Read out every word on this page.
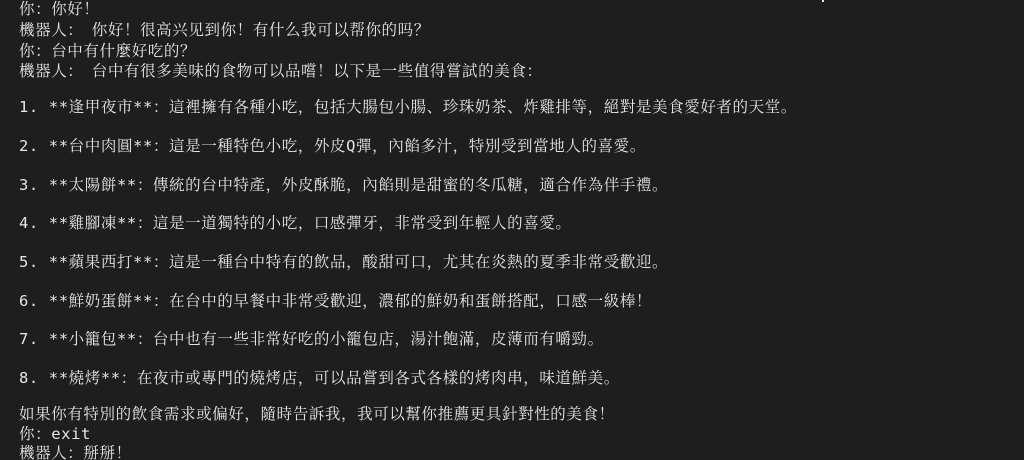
你：你好！
機器人：　你好！很高兴见到你！有什么我可以帮你的吗？
你：台中有什麼好吃的？
機器人：　台中有很多美味的食物可以品嚐！以下是一些值得嘗試的美食：
1. **逢甲夜市**：這裡擁有各種小吃，包括大腸包小腸、珍珠奶茶、炸雞排等，絕對是美食愛好者的天堂。
2. **台中肉圓**：這是一種特色小吃，外皮Q彈，內餡多汁，特別受到當地人的喜愛。
3. **太陽餅**：傳統的台中特產，外皮酥脆，內餡則是甜蜜的冬瓜糖，適合作為伴手禮。
4. **雞腳凍**：這是一道獨特的小吃，口感彈牙，非常受到年輕人的喜愛。
5. **蘋果西打**：這是一種台中特有的飲品，酸甜可口，尤其在炎熱的夏季非常受歡迎。
6. **鮮奶蛋餅**：在台中的早餐中非常受歡迎，濃郁的鮮奶和蛋餅搭配，口感一級棒！
7. **小籠包**：台中也有一些非常好吃的小籠包店，湯汁飽滿，皮薄而有嚼勁。
8. **燒烤**：在夜市或專門的燒烤店，可以品嘗到各式各樣的烤肉串，味道鮮美。
如果你有特別的飲食需求或偏好，隨時告訴我，我可以幫你推薦更具針對性的美食！
你：exit
機器人：掰掰！
